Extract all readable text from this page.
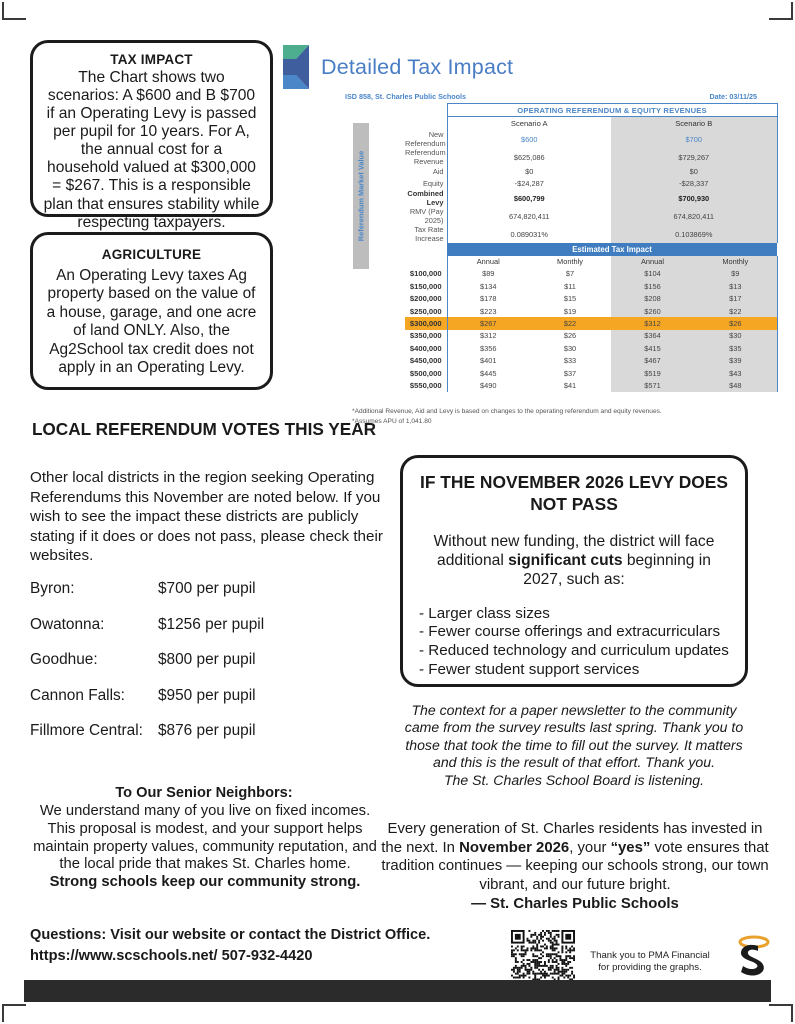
TAX IMPACT

The Chart shows two scenarios: A $600 and B $700 if an Operating Levy is passed per pupil for 10 years. For A, the annual cost for a household valued at $300,000 = $267. This is a responsible plan that ensures stability while respecting taxpayers.

AGRICULTURE

An Operating Levy taxes Ag property based on the value of a house, garage, and one acre of land ONLY. Also, the Ag2School tax credit does not apply in an Operating Levy.

Detailed Tax Impact
ISD 858, St. Charles Public Schools	Date: 03/11/25
Referendum Market Value
		OPERATING REFERENDUM & EQUITY REVENUES			
		Scenario A		Scenario B	
	New Referendum	$600		$700	
	Referendum Revenue	$625,086		$729,267	
	Aid	$0		$0	
	Equity	-$24,287		-$28,337	
	Combined Levy	$600,799		$700,930	
	RMV (Pay 2025)	674,820,411		674,820,411	
	Tax Rate Increase	0.089031%		0.103869%	
		Estimated Tax Impact			
		Annual	Monthly	Annual	Monthly
	$100,000	$89	$7	$104	$9
	$150,000	$134	$11	$156	$13
	$200,000	$178	$15	$208	$17
	$250,000	$223	$19	$260	$22
	$300,000	$267	$22	$312	$26
	$350,000	$312	$26	$364	$30
	$400,000	$356	$30	$415	$35
	$450,000	$401	$33	$467	$39
	$500,000	$445	$37	$519	$43
	$550,000	$490	$41	$571	$48
*Additional Revenue, Aid and Levy is based on changes to the operating referendum and equity revenues.
*Assumes APU of 1,041.80
LOCAL REFERENDUM VOTES THIS YEAR
Other local districts in the region seeking Operating Referendums this November are noted below. If you wish to see the impact these districts are publicly stating if it does or does not pass, please check their websites.
Byron:	$700 per pupil
Owatonna:	$1256 per pupil
Goodhue:	$800 per pupil
Cannon Falls:	$950 per pupil
Fillmore Central: $876 per pupil
To Our Senior Neighbors:
We understand many of you live on fixed incomes. This proposal is modest, and your support helps maintain property values, community reputation, and the local pride that makes St. Charles home.
Strong schools keep our community strong.
Questions: Visit our website or contact the District Office.
https://www.scschools.net/ 507-932-4420
IF THE NOVEMBER 2026 LEVY DOES NOT PASS

Without new funding, the district will face additional significant cuts beginning in 2027, such as:

- Larger class sizes
- Fewer course offerings and extracurriculars
- Reduced technology and curriculum updates
- Fewer student support services
The context for a paper newsletter to the community came from the survey results last spring. Thank you to those that took the time to fill out the survey. It matters and this is the result of that effort. Thank you.
The St. Charles School Board is listening.
Every generation of St. Charles residents has invested in the next. In November 2026, your “yes” vote ensures that tradition continues — keeping our schools strong, our town vibrant, and our future bright.
— St. Charles Public Schools
Thank you to PMA Financial for providing the graphs.
